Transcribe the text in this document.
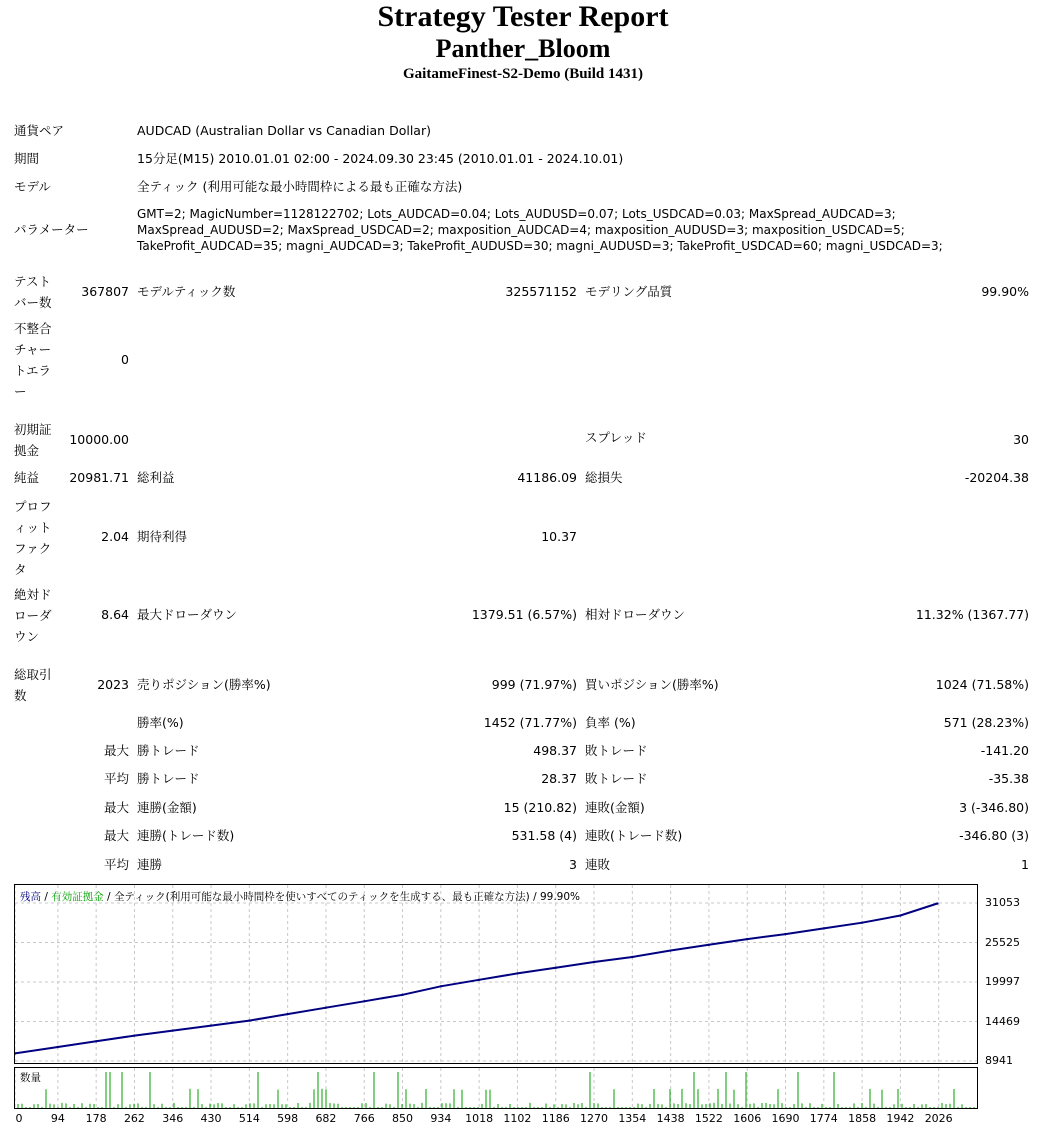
Strategy Tester Report
Panther_Bloom
GaitameFinest-S2-Demo (Build 1431)
通貨ペア	AUDCAD (Australian Dollar vs Canadian Dollar)
期間	15分足(M15) 2010.01.01 02:00 - 2024.09.30 23:45 (2010.01.01 - 2024.10.01)
モデル	全ティック (利用可能な最小時間枠による最も正確な方法)
パラメーター
GMT=2; MagicNumber=1128122702; Lots_AUDCAD=0.04; Lots_AUDUSD=0.07; Lots_USDCAD=0.03; MaxSpread_AUDCAD=3;
MaxSpread_AUDUSD=2; MaxSpread_USDCAD=2; maxposition_AUDCAD=4; maxposition_AUDUSD=3; maxposition_USDCAD=5;
TakeProfit_AUDCAD=35; magni_AUDCAD=3; TakeProfit_AUDUSD=30; magni_AUDUSD=3; TakeProfit_USDCAD=60; magni_USDCAD=3;
テストバー数
367807 モデルティック数	325571152 モデリング品質	99.90%
不整合チャートエラー
0
初期証拠金
10000.00	スプレッド	30
純益	20981.71 総利益	41186.09 総損失	-20204.38
プロフィットファクタ
2.04 期待利得	10.37
絶対ドローダウン
8.64 最大ドローダウン	1379.51 (6.57%) 相対ドローダウン	11.32% (1367.77)
総取引数
2023 売りポジション(勝率%)	999 (71.97%) 買いポジション(勝率%)	1024 (71.58%)
勝率(%)	1452 (71.77%) 負率 (%)	571 (28.23%)
最大 勝トレード	498.37 敗トレード	-141.20
平均 勝トレード	28.37 敗トレード	-35.38
最大 連勝(金額)	15 (210.82) 連敗(金額)	3 (-346.80)
最大 連勝(トレード数)	531.58 (4) 連敗(トレード数)	-346.80 (3)
平均 連勝	3 連敗	1
残高 / 有効証拠金 / 全ティック(利用可能な最小時間枠を使いすべてのティックを生成する、最も正確な方法) / 99.90%	31053
25525
19997
14469
8941
数量
0	94 178 262 346 430 514 598 682 766 850 934 1018 1102 1186 1270 1354 1438 1522 1606 1690 1774 1858 1942 2026
